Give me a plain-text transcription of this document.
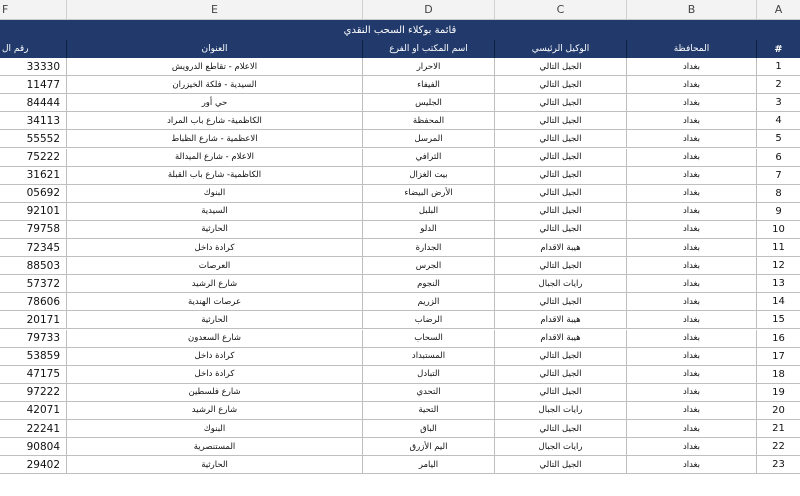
F	E	D	C	B	A
قائمة بوكلاء السحب النقدي
رقم ال	العنوان	اسم المكتب او الفرع	الوكيل الرئيسي	المحافظة	#
33330	الاعلام - تقاطع الدرويش	الاحرار	الجيل التالي	بغداد	1
11477	السيدية - فلكة الخيزران	الفيفاء	الجيل التالي	بغداد	2
84444	حي أور	الجليس	الجيل التالي	بغداد	3
34113	الكاظمية- شارع باب المراد	المحفظة	الجيل التالي	بغداد	4
55552	الاعظمية - شارع الظباط	المرسل	الجيل التالي	بغداد	5
75222	الاعلام - شارع الميدالة	الثرافي	الجيل التالي	بغداد	6
31621	الكاظمية- شارع باب القبلة	بيت الغزال	الجيل التالي	بغداد	7
05692	البنوك	الأرض البيضاء	الجيل التالي	بغداد	8
92101	السيدية	البلبل	الجيل التالي	بغداد	9
79758	الحارثية	الدلو	الجيل التالي	بغداد	10
72345	كرادة داخل	الجدارة	هيبة الاقدام	بغداد	11
88503	العرصات	الجرس	الجيل التالي	بغداد	12
57372	شارع الرشيد	النجوم	رايات الجبال	بغداد	13
78606	عرصات الهندية	الزريم	الجيل التالي	بغداد	14
20171	الحارثية	الرضاب	هيبة الاقدام	بغداد	15
79733	شارع السعدون	السحاب	هيبة الاقدام	بغداد	16
53859	كرادة داخل	المستبداد	الجيل التالي	بغداد	17
47175	كرادة داخل	التبادل	الجيل التالي	بغداد	18
97222	شارع فلسطين	التحدي	الجيل التالي	بغداد	19
42071	شارع الرشيد	التحية	رايات الجبال	بغداد	20
22241	البنوك	الباق	الجيل التالي	بغداد	21
90804	المستنصرية	اليم الأزرق	رايات الجبال	بغداد	22
29402	الحارثية	اليامر	الجيل التالي	بغداد	23
